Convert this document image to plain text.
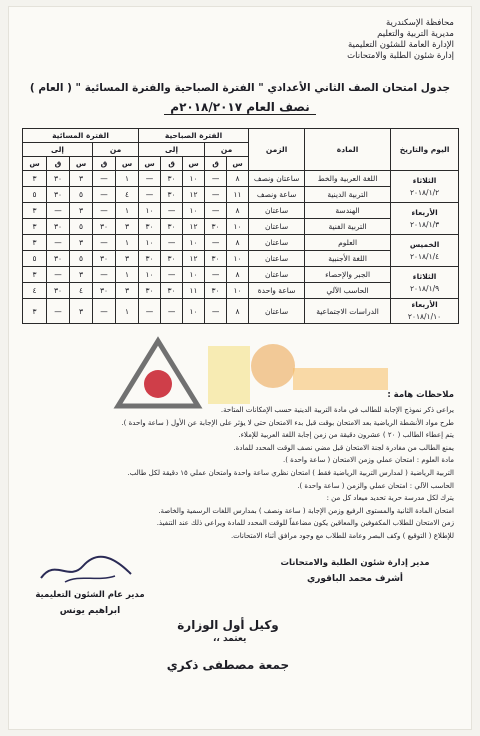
محافظة الإسكندرية
مديرية التربية والتعليم
الإدارة العامة للشئون التعليمية
إدارة شئون الطلبة والامتحانات
جدول امتحان الصف الثاني الأعدادي " الفترة الصباحية والفترة المسائية " ( العام )
نصف العام ٢٠١٨/٢٠١٧م
اليوم والتاريخ	المادة	الزمن	الفترة الصباحية					الفترة المسائية				
			من		إلى			من		إلى		
			س	ق	س	ق	س	س	ق	س	ق	س

الثلاثاء
٢٠١٨/١/٢	اللغة العربية والخط	ساعتان ونصف	٨	—	١٠	٣٠	—	١	—	٣	٣٠	٣
	التربية الدينية	ساعة ونصف	١١	—	١٢	٣٠	—	٤	—	٥	٣٠	٥

الأربعاء
٢٠١٨/١/٣	الهندسة	ساعتان	٨	—	١٠	—	١٠	١	—	٣	—	٣
	التربية الفنية	ساعتان	١٠	٣٠	١٢	٣٠	٣٠	٣	٣٠	٥	٣٠	٣

الخميس
٢٠١٨/١/٤	العلوم	ساعتان	٨	—	١٠	—	١٠	١	—	٣	—	٣
	اللغة الأجنبية	ساعتان	١٠	٣٠	١٢	٣٠	٣٠	٣	٣٠	٥	٣٠	٥

الثلاثاء
٢٠١٨/١/٩	الجبر والإحصاء	ساعتان	٨	—	١٠	—	١٠	١	—	٣	—	٣
	الحاسب الآلي	ساعة واحدة	١٠	٣٠	١١	٣٠	٣٠	٣	٣٠	٤	٣٠	٤

الأربعاء
٢٠١٨/١/١٠	الدراسات الاجتماعية	ساعتان	٨	—	١٠	—	—	١	—	٣	—	٣
ملاحظات هامة :
يراعى ذكر نموذج الإجابة للطالب في مادة التربية الدينية حسب الإمكانات المتاحة.
طرح مواد الأنشطة الرياضية بعد الامتحان بوقت قبل بدء الامتحان حتى لا يؤثر على الإجابة عن الأول ( ساعة واحدة ).
يتم إعطاء الطالب ( ٢٠ ) عشرون دقيقة من زمن إجابة اللغة العربية للإملاء.
يمنع الطالب من مغادرة لجنة الامتحان قبل مضي نصف الوقت المحدد للمادة.
مادة العلوم : امتحان عملي وزمن الامتحان ( ساعة واحدة ).
التربية الرياضية ( لمدارس التربية الرياضية فقط ) امتحان نظري ساعة واحدة وامتحان عملي ١٥ دقيقة لكل طالب.
الحاسب الآلي : امتحان عملي والزمن ( ساعة واحدة ).
يترك لكل مدرسة حرية تحديد ميعاد كل من :
امتحان المادة الثانية والمستوى الرفيع وزمن الإجابة ( ساعة ونصف ) بمدارس اللغات الرسمية والخاصة.
زمن الامتحان للطلاب المكفوفين والمعاقين يكون مضاعفاً للوقت المحدد للمادة ويراعى ذلك عند التنفيذ.
للإطلاع ( التوقيع ) وكف البصر وعامة للطلاب مع وجود مرافق أثناء الامتحانات.
مدير عام الشئون التعليمية
ابراهيم يونس
مدير إدارة شئون الطلبة والامتحانات
أشرف محمد الباقوري
يعتمد ،،
وكيل أول الوزارة
جمعة مصطفى ذكري
